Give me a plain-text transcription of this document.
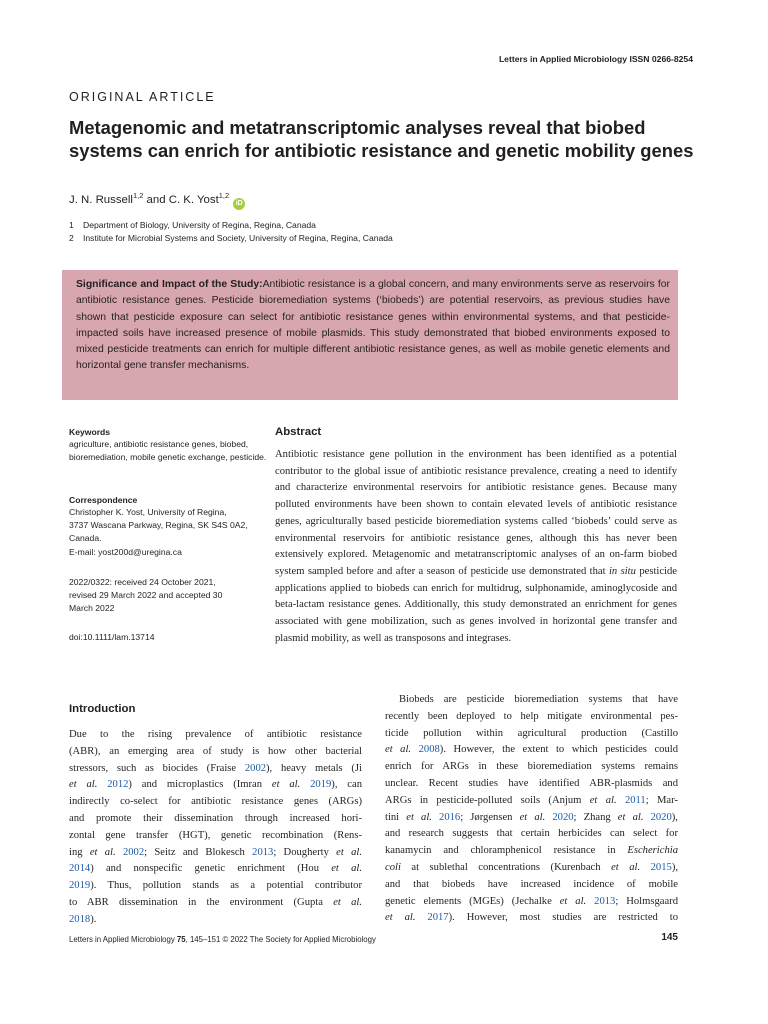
Letters in Applied Microbiology ISSN 0266-8254
ORIGINAL ARTICLE
Metagenomic and metatranscriptomic analyses reveal that biobed systems can enrich for antibiotic resistance and genetic mobility genes
J. N. Russell$^{1,2}$ and C. K. Yost$^{1,2}$iD
1 Department of Biology, University of Regina, Regina, Canada
2 Institute for Microbial Systems and Society, University of Regina, Regina, Canada
Significance and Impact of the Study:Antibiotic resistance is a global concern, and many environments serve as reservoirs for antibiotic resistance genes. Pesticide bioremediation systems (‘biobeds’) are potential reservoirs, as previous studies have shown that pesticide exposure can select for antibiotic resistance genes within environmental systems, and that pesticide-impacted soils have increased presence of mobile plasmids. This study demonstrated that biobed environments exposed to mixed pesticide treatments can enrich for multiple different antibiotic resistance genes, as well as mobile genetic elements and horizontal gene transfer mechanisms.
Keywords
agriculture, antibiotic resistance genes, biobed, bioremediation, mobile genetic exchange, pesticide.
Correspondence
Christopher K. Yost, University of Regina,
3737 Wascana Parkway, Regina, SK S4S 0A2,
Canada.
E-mail: yost200d@uregina.ca
2022/0322: received 24 October 2021,
revised 29 March 2022 and accepted 30
March 2022
doi:10.1111/lam.13714
Abstract
Antibiotic resistance gene pollution in the environment has been identified as a potential contributor to the global issue of antibiotic resistance prevalence, creating a need to identify and characterize environmental reservoirs for antibiotic resistance genes. Because many polluted environments have been shown to contain elevated levels of antibiotic resistance genes, agriculturally based pesticide bioremediation systems called ‘biobeds’ could serve as environmental reservoirs for antibiotic resistance genes, although this has never been extensively explored. Metagenomic and metatranscriptomic analyses of an on-farm biobed system sampled before and after a season of pesticide use demonstrated that in situ pesticide applications applied to biobeds can enrich for multidrug, sulphonamide, aminoglycoside and beta-lactam resistance genes. Additionally, this study demonstrated an enrichment for genes associated with gene mobilization, such as genes involved in horizontal gene transfer and plasmid mobility, as well as transposons and integrases.
Introduction
Due to the rising prevalence of antibiotic resistance
(ABR), an emerging area of study is how other bacterial
stressors, such as biocides (Fraise 2002), heavy metals (Ji
et al. 2012) and microplastics (Imran et al. 2019), can
indirectly co-select for antibiotic resistance genes (ARGs)
and promote their dissemination through increased hori-
zontal gene transfer (HGT), genetic recombination (Rens-
ing et al. 2002; Seitz and Blokesch 2013; Dougherty et al.
2014) and nonspecific genetic enrichment (Hou et al.
2019). Thus, pollution stands as a potential contributor
to ABR dissemination in the environment (Gupta et al.
2018).
Biobeds are pesticide bioremediation systems that have
recently been deployed to help mitigate environmental pes-
ticide pollution within agricultural production (Castillo
et al. 2008). However, the extent to which pesticides could
enrich for ARGs in these bioremediation systems remains
unclear. Recent studies have identified ABR-plasmids and
ARGs in pesticide-polluted soils (Anjum et al. 2011; Mar-
tini et al. 2016; Jørgensen et al. 2020; Zhang et al. 2020),
and research suggests that certain herbicides can select for
kanamycin and chloramphenicol resistance in Escherichia
coli at sublethal concentrations (Kurenbach et al. 2015),
and that biobeds have increased incidence of mobile
genetic elements (MGEs) (Jechalke et al. 2013; Holmsgaard
et al. 2017). However, most studies are restricted to
Letters in Applied Microbiology 75, 145–151 © 2022 The Society for Applied Microbiology	145
